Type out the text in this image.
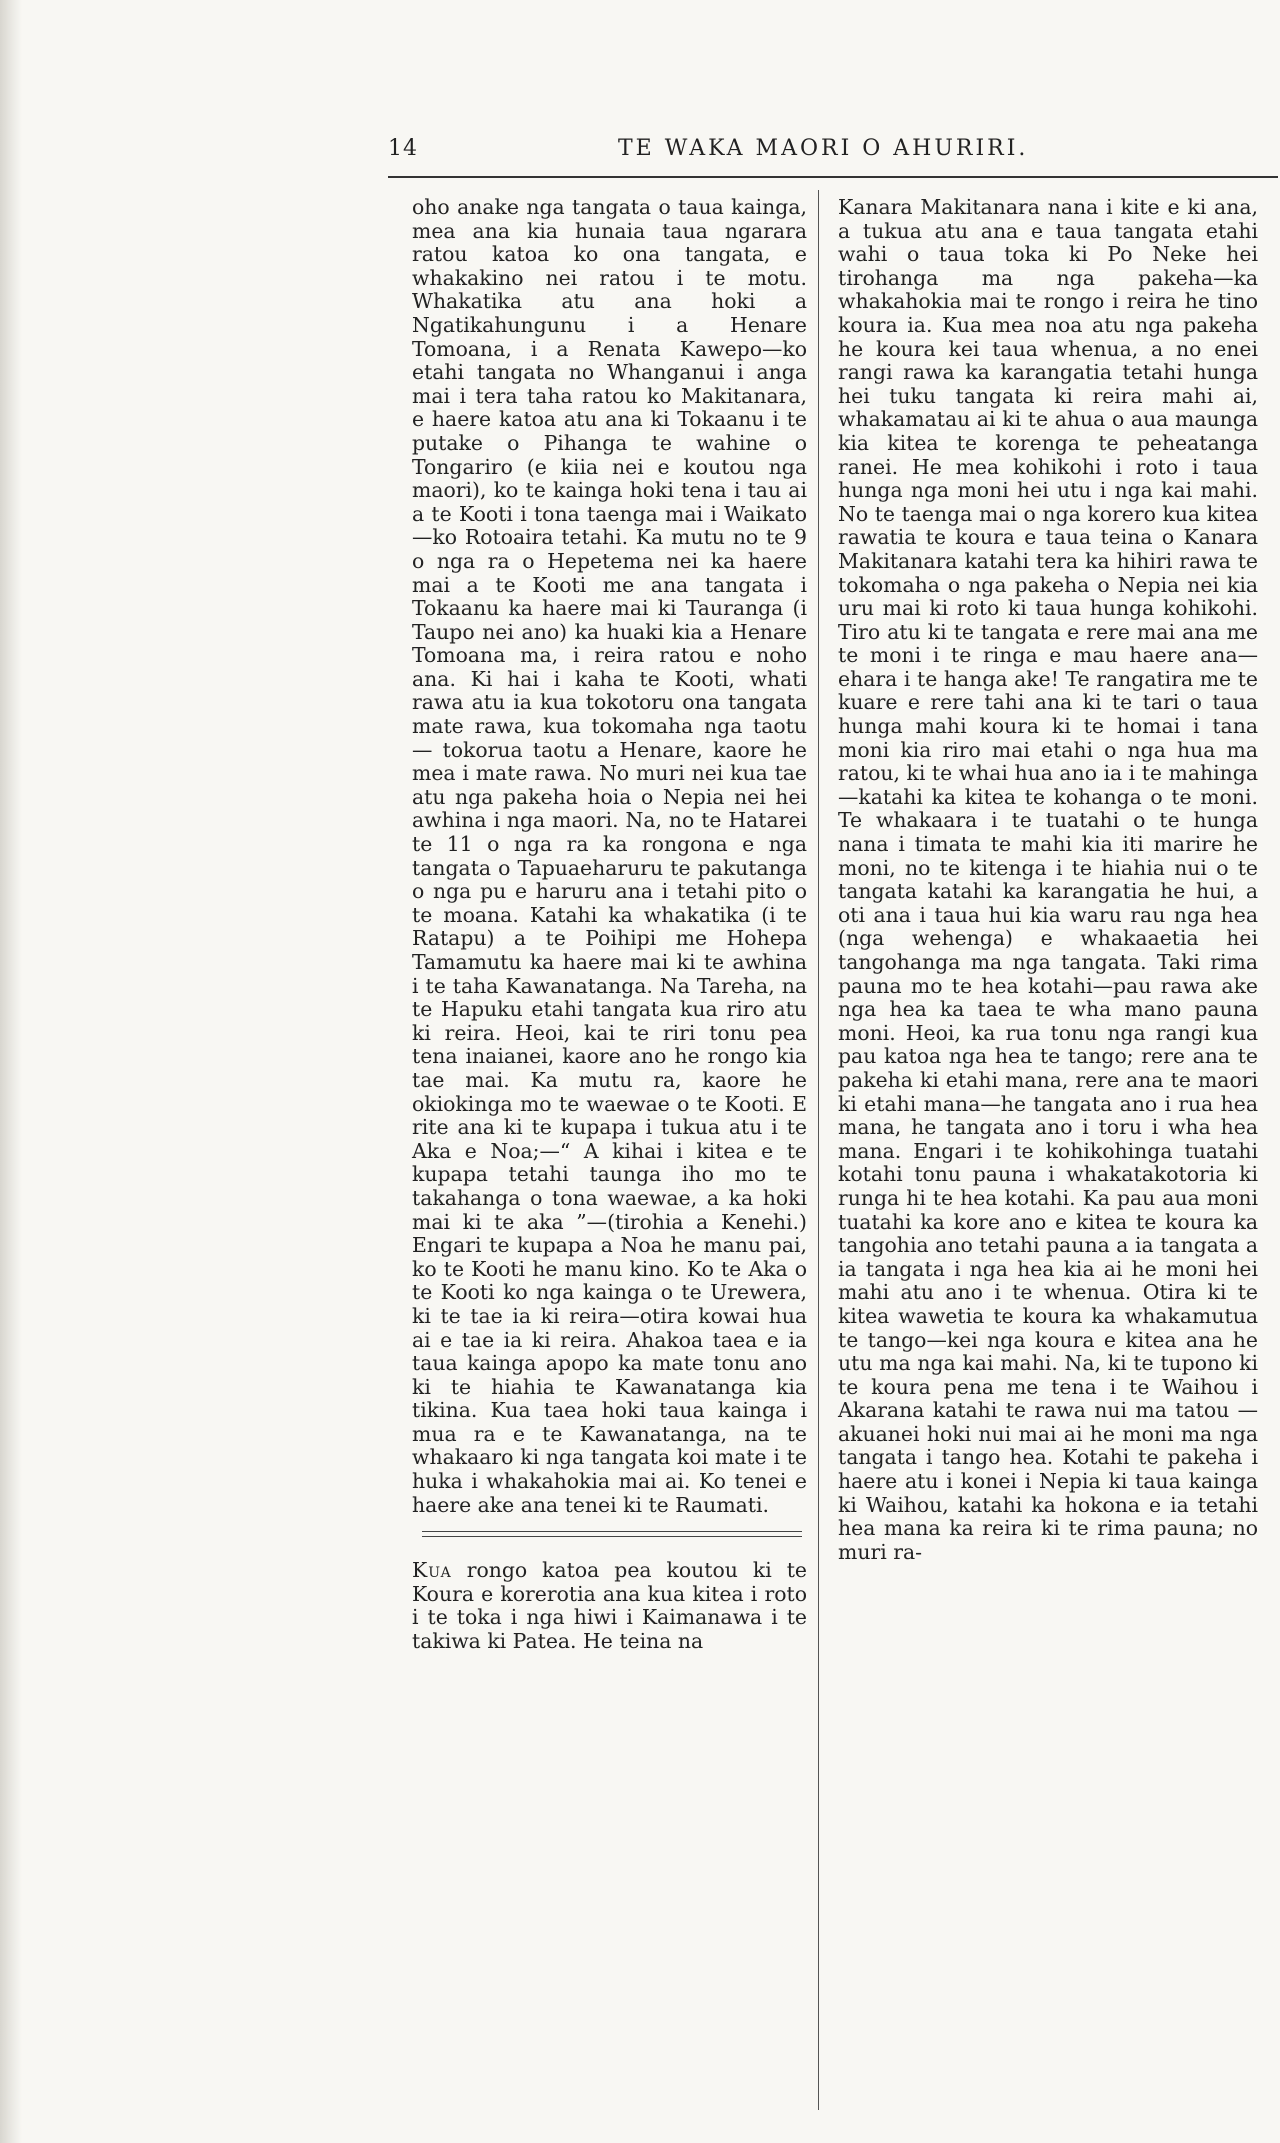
14	TE WAKA MAORI O AHURIRI.

oho anake nga tangata o taua kainga, mea ana kia hunaia taua ngarara ratou katoa ko ona tangata, e whakakino nei ratou i te motu. Whakatika atu ana hoki a Ngatikahungunu i a Henare Tomoana, i a Renata Kawepo—ko etahi tangata no Whanganui i anga mai i tera taha ratou ko Makitanara, e haere katoa atu ana ki Tokaanu i te putake o Pihanga te wahine o Tongariro (e kiia nei e koutou nga maori), ko te kainga hoki tena i tau ai a te Kooti i tona taenga mai i Waikato—ko Rotoaira tetahi. Ka mutu no te 9 o nga ra o Hepetema nei ka haere mai a te Kooti me ana tangata i Tokaanu ka haere mai ki Tauranga (i Taupo nei ano) ka huaki kia a Henare Tomoana ma, i reira ratou e noho ana. Ki hai i kaha te Kooti, whati rawa atu ia kua tokotoru ona tangata mate rawa, kua tokomaha nga taotu — tokorua taotu a Henare, kaore he mea i mate rawa. No muri nei kua tae atu nga pakeha hoia o Nepia nei hei awhina i nga maori. Na, no te Hatarei te 11 o nga ra ka rongona e nga tangata o Tapuaeharuru te pakutanga o nga pu e haruru ana i tetahi pito o te moana. Katahi ka whakatika (i te Ratapu) a te Poihipi me Hohepa Tamamutu ka haere mai ki te awhina i te taha Kawanatanga. Na Tareha, na te Hapuku etahi tangata kua riro atu ki reira. Heoi, kai te riri tonu pea tena inaianei, kaore ano he rongo kia tae mai. Ka mutu ra, kaore he okiokinga mo te waewae o te Kooti. E rite ana ki te kupapa i tukua atu i te Aka e Noa;—“ A kihai i kitea e te kupapa tetahi taunga iho mo te takahanga o tona waewae, a ka hoki mai ki te aka ”—(tirohia a Kenehi.) Engari te kupapa a Noa he manu pai, ko te Kooti he manu kino. Ko te Aka o te Kooti ko nga kainga o te Urewera, ki te tae ia ki reira—otira kowai hua ai e tae ia ki reira. Ahakoa taea e ia taua kainga apopo ka mate tonu ano ki te hiahia te Kawanatanga kia tikina. Kua taea hoki taua kainga i mua ra e te Kawanatanga, na te whakaaro ki nga tangata koi mate i te huka i whakahokia mai ai. Ko tenei e haere ake ana tenei ki te Raumati.

Kua rongo katoa pea koutou ki te Koura e korerotia ana kua kitea i roto i te toka i nga hiwi i Kaimanawa i te takiwa ki Patea. He teina na

Kanara Makitanara nana i kite e ki ana, a tukua atu ana e taua tangata etahi wahi o taua toka ki Po Neke hei tirohanga ma nga pakeha—ka whakahokia mai te rongo i reira he tino koura ia. Kua mea noa atu nga pakeha he koura kei taua whenua, a no enei rangi rawa ka karangatia tetahi hunga hei tuku tangata ki reira mahi ai, whakamatau ai ki te ahua o aua maunga kia kitea te korenga te peheatanga ranei. He mea kohikohi i roto i taua hunga nga moni hei utu i nga kai mahi. No te taenga mai o nga korero kua kitea rawatia te koura e taua teina o Kanara Makitanara katahi tera ka hihiri rawa te tokomaha o nga pakeha o Nepia nei kia uru mai ki roto ki taua hunga kohikohi. Tiro atu ki te tangata e rere mai ana me te moni i te ringa e mau haere ana—ehara i te hanga ake! Te rangatira me te kuare e rere tahi ana ki te tari o taua hunga mahi koura ki te homai i tana moni kia riro mai etahi o nga hua ma ratou, ki te whai hua ano ia i te mahinga—katahi ka kitea te kohanga o te moni. Te whakaara i te tuatahi o te hunga nana i timata te mahi kia iti marire he moni, no te kitenga i te hiahia nui o te tangata katahi ka karangatia he hui, a oti ana i taua hui kia waru rau nga hea (nga wehenga) e whakaaetia hei tangohanga ma nga tangata. Taki rima pauna mo te hea kotahi—pau rawa ake nga hea ka taea te wha mano pauna moni. Heoi, ka rua tonu nga rangi kua pau katoa nga hea te tango; rere ana te pakeha ki etahi mana, rere ana te maori ki etahi mana—he tangata ano i rua hea mana, he tangata ano i toru i wha hea mana. Engari i te kohikohinga tuatahi kotahi tonu pauna i whakatakotoria ki runga hi te hea kotahi. Ka pau aua moni tuatahi ka kore ano e kitea te koura ka tangohia ano tetahi pauna a ia tangata a ia tangata i nga hea kia ai he moni hei mahi atu ano i te whenua. Otira ki te kitea wawetia te koura ka whakamutua te tango—kei nga koura e kitea ana he utu ma nga kai mahi. Na, ki te tupono ki te koura pena me tena i te Waihou i Akarana katahi te rawa nui ma tatou —akuanei hoki nui mai ai he moni ma nga tangata i tango hea. Kotahi te pakeha i haere atu i konei i Nepia ki taua kainga ki Waihou, katahi ka hokona e ia tetahi hea mana ka reira ki te rima pauna; no muri ra-
